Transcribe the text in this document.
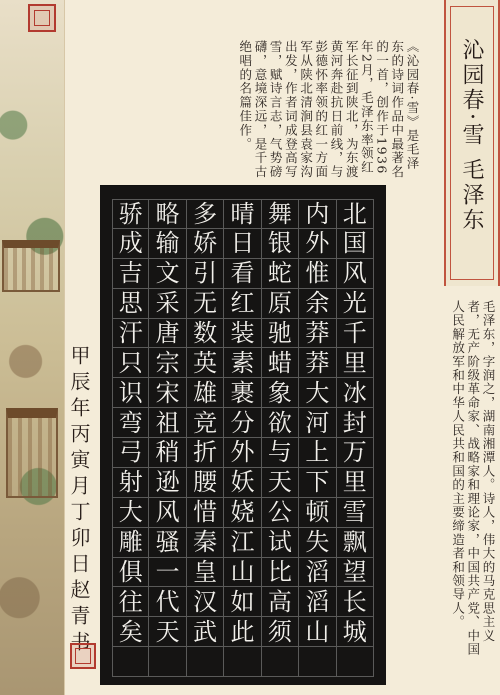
《沁园春·雪》是毛泽东的诗词作品中最著名的一首，创作于1936年2月，毛泽东率领红军长征到陕北，为东渡黄河奔赴抗日前线，与彭德怀率领的红一方面军从陕北清涧县袁家沟出发，作者词成登高写雪，赋诗言志，气势磅礴，意境深远，是千古绝唱的名篇佳作。	沁园春·雪 毛泽东
骄 略 多 晴 舞 内 北
成 输 娇 日 银 外 国
吉 文 引 看 蛇 惟 风
思 采 无 红 原 余 光
汗 唐 数 装 驰 莽 千
只 宗 英 素 蜡 莽 里
识 宋 雄 裹 象 大 冰
弯 祖 竞 分 欲 河 封
弓 稍 折 外 与 上 万
射 逊 腰 妖 天 下 里
大 风 惜 娆 公 顿 雪
雕 骚 秦 江 试 失 飘
俱 一 皇 山 比 滔 望
往 代 汉 如 高 滔 长
矣 天 武 此 须 山 城	毛泽东，字润之，湖南湘潭人。诗人，伟大的马克思主义者，无产阶级革命家、战略家和理论家，中国共产党、中国人民解放军和中华人民共和国的主要缔造者和领导人。
甲辰年丙寅月丁卯日赵青书
